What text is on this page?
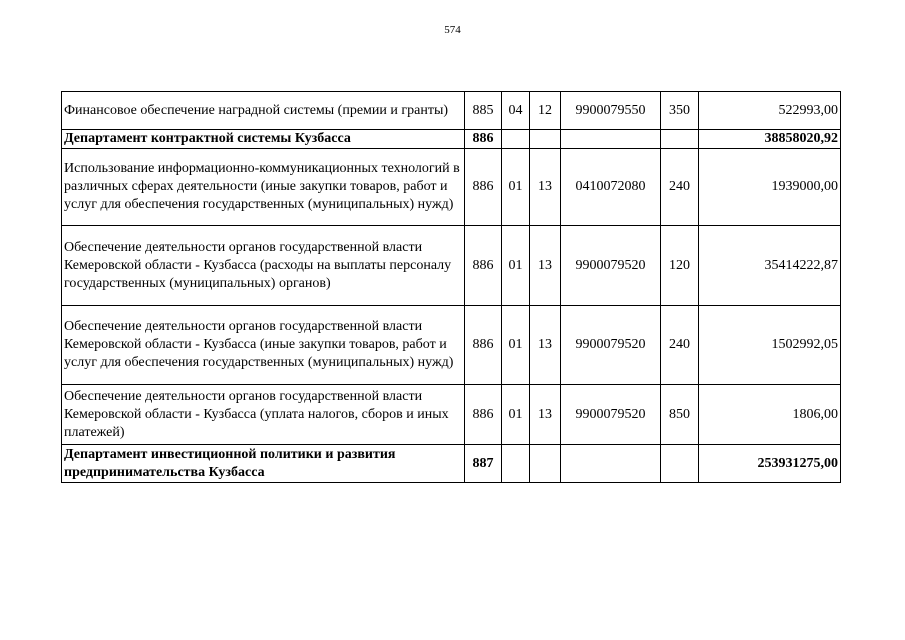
574
Финансовое обеспечение наградной системы (премии и гранты)	885	04	12	9900079550	350	522993,00
Департамент контрактной системы Кузбасса	886					38858020,92
Использование информационно-коммуникационных технологий в различных сферах деятельности (иные закупки товаров, работ и услуг для обеспечения государственных (муниципальных) нужд)	886	01	13	0410072080	240	1939000,00
Обеспечение деятельности органов государственной власти Кемеровской области - Кузбасса (расходы на выплаты персоналу государственных (муниципальных) органов)	886	01	13	9900079520	120	35414222,87
Обеспечение деятельности органов государственной власти Кемеровской области - Кузбасса (иные закупки товаров, работ и услуг для обеспечения государственных (муниципальных) нужд)	886	01	13	9900079520	240	1502992,05
Обеспечение деятельности органов государственной власти Кемеровской области - Кузбасса (уплата налогов, сборов и иных платежей)	886	01	13	9900079520	850	1806,00
Департамент инвестиционной политики и развития предпринимательства Кузбасса	887					253931275,00
